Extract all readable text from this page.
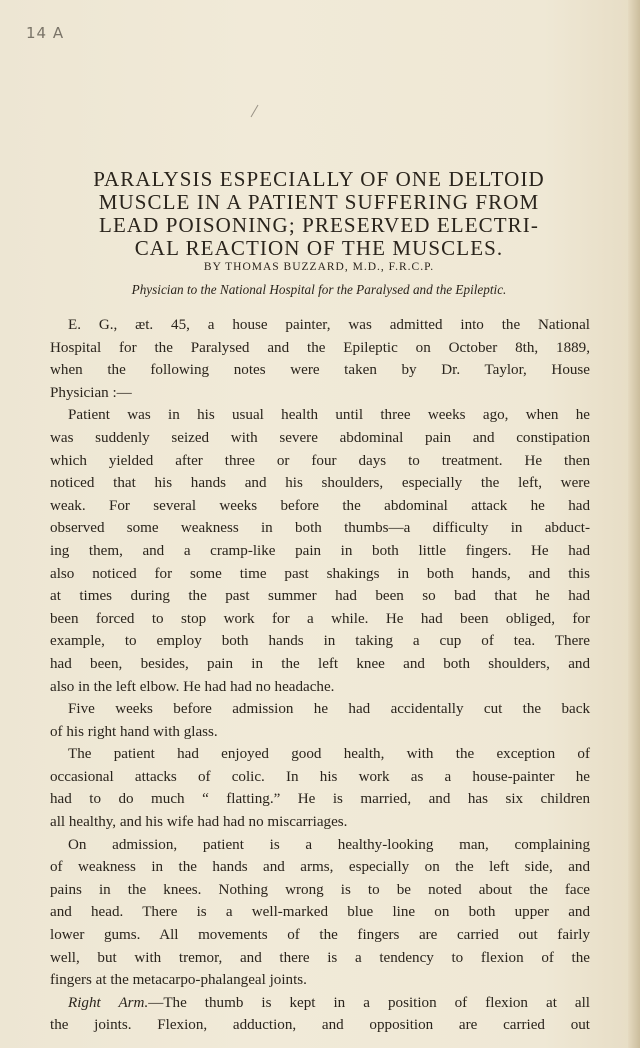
14 A
PARALYSIS ESPECIALLY OF ONE DELTOID
MUSCLE IN A PATIENT SUFFERING FROM
LEAD POISONING; PRESERVED ELECTRI-
CAL REACTION OF THE MUSCLES.
BY THOMAS BUZZARD, M.D., F.R.C.P.
Physician to the National Hospital for the Paralysed and the Epileptic.
E. G., æt. 45, a house painter, was admitted into the National
Hospital for the Paralysed and the Epileptic on October 8th, 1889,
when the following notes were taken by Dr. Taylor, House
Physician :—
Patient was in his usual health until three weeks ago, when he
was suddenly seized with severe abdominal pain and constipation
which yielded after three or four days to treatment. He then
noticed that his hands and his shoulders, especially the left, were
weak. For several weeks before the abdominal attack he had
observed some weakness in both thumbs—a difficulty in abduct-
ing them, and a cramp-like pain in both little fingers. He had
also noticed for some time past shakings in both hands, and this
at times during the past summer had been so bad that he had
been forced to stop work for a while. He had been obliged, for
example, to employ both hands in taking a cup of tea. There
had been, besides, pain in the left knee and both shoulders, and
also in the left elbow. He had had no headache.
Five weeks before admission he had accidentally cut the back
of his right hand with glass.
The patient had enjoyed good health, with the exception of
occasional attacks of colic. In his work as a house-painter he
had to do much “ flatting.” He is married, and has six children
all healthy, and his wife had had no miscarriages.
On admission, patient is a healthy-looking man, complaining
of weakness in the hands and arms, especially on the left side, and
pains in the knees. Nothing wrong is to be noted about the face
and head. There is a well-marked blue line on both upper and
lower gums. All movements of the fingers are carried out fairly
well, but with tremor, and there is a tendency to flexion of the
fingers at the metacarpo-phalangeal joints.
Right Arm.—The thumb is kept in a position of flexion at all
the joints. Flexion, adduction, and opposition are carried out
